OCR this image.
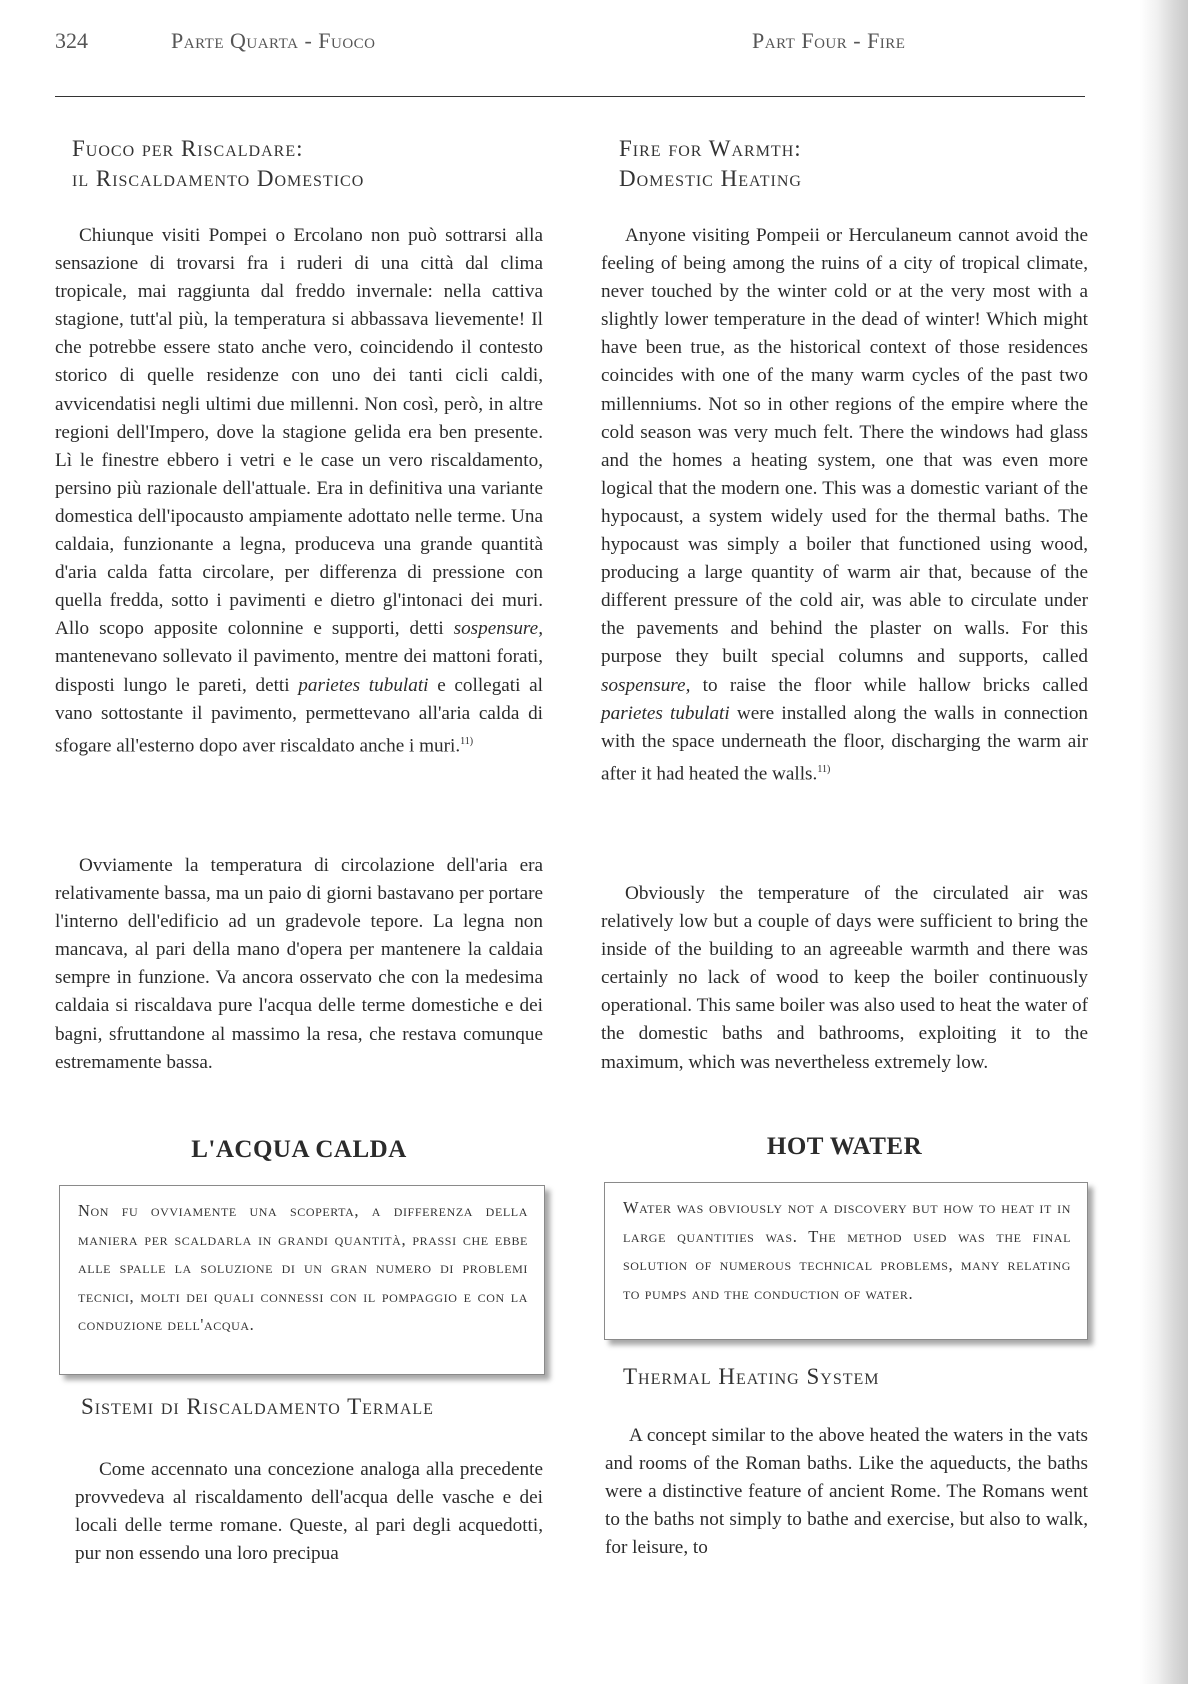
324	Parte Quarta - Fuoco	Part Four - Fire
Fuoco per Riscaldare:
il Riscaldamento Domestico

Chiunque visiti Pompei o Ercolano non può sottrarsi alla sensazione di trovarsi fra i ruderi di una città dal clima tropicale, mai raggiunta dal freddo invernale: nella cattiva stagione, tutt'al più, la temperatura si abbassava lievemente! Il che potrebbe essere stato anche vero, coincidendo il contesto storico di quelle residenze con uno dei tanti cicli caldi, avvicendatisi negli ultimi due millenni. Non così, però, in altre regioni dell'Impero, dove la stagione gelida era ben presente. Lì le finestre ebbero i vetri e le case un vero riscaldamento, persino più razionale dell'attuale. Era in definitiva una variante domestica dell'ipocausto ampiamente adottato nelle terme. Una caldaia, funzionante a legna, produceva una grande quantità d'aria calda fatta circolare, per differenza di pressione con quella fredda, sotto i pavimenti e dietro gl'intonaci dei muri. Allo scopo apposite colonnine e supporti, detti sospensure, mantenevano sollevato il pavimento, mentre dei mattoni forati, disposti lungo le pareti, detti parietes tubulati e collegati al vano sottostante il pavimento, permettevano all'aria calda di sfogare all'esterno dopo aver riscaldato anche i muri.$^{11)}$

Ovviamente la temperatura di circolazione dell'aria era relativamente bassa, ma un paio di giorni bastavano per portare l'interno dell'edificio ad un gradevole tepore. La legna non mancava, al pari della mano d'opera per mantenere la caldaia sempre in funzione. Va ancora osservato che con la medesima caldaia si riscaldava pure l'acqua delle terme domestiche e dei bagni, sfruttandone al massimo la resa, che restava comunque estremamente bassa.

L'ACQUA CALDA
Non fu ovviamente una scoperta, a differenza della maniera per scaldarla in grandi quantità, prassi che ebbe alle spalle la soluzione di un gran numero di problemi tecnici, molti dei quali connessi con il pompaggio e con la conduzione dell'acqua.
Sistemi di Riscaldamento Termale

Come accennato una concezione analoga alla precedente provvedeva al riscaldamento dell'acqua delle vasche e dei locali delle terme romane. Queste, al pari degli acquedotti, pur non essendo una loro precipua

Fire for Warmth:
Domestic Heating

Anyone visiting Pompeii or Herculaneum cannot avoid the feeling of being among the ruins of a city of tropical climate, never touched by the winter cold or at the very most with a slightly lower temperature in the dead of winter! Which might have been true, as the historical context of those residences coincides with one of the many warm cycles of the past two millenniums. Not so in other regions of the empire where the cold season was very much felt. There the windows had glass and the homes a heating system, one that was even more logical that the modern one. This was a domestic variant of the hypocaust, a system widely used for the thermal baths. The hypocaust was simply a boiler that functioned using wood, producing a large quantity of warm air that, because of the different pressure of the cold air, was able to circulate under the pavements and behind the plaster on walls. For this purpose they built special columns and supports, called sospensure, to raise the floor while hallow bricks called parietes tubulati were installed along the walls in connection with the space underneath the floor, discharging the warm air after it had heated the walls.$^{11)}$

Obviously the temperature of the circulated air was relatively low but a couple of days were sufficient to bring the inside of the building to an agreeable warmth and there was certainly no lack of wood to keep the boiler continuously operational. This same boiler was also used to heat the water of the domestic baths and bathrooms, exploiting it to the maximum, which was nevertheless extremely low.

HOT WATER
Water was obviously not a discovery but how to heat it in large quantities was. The method used was the final solution of numerous technical problems, many relating to pumps and the conduction of water.
Thermal Heating System

A concept similar to the above heated the waters in the vats and rooms of the Roman baths. Like the aqueducts, the baths were a distinctive feature of ancient Rome. The Romans went to the baths not simply to bathe and exercise, but also to walk, for leisure, to
